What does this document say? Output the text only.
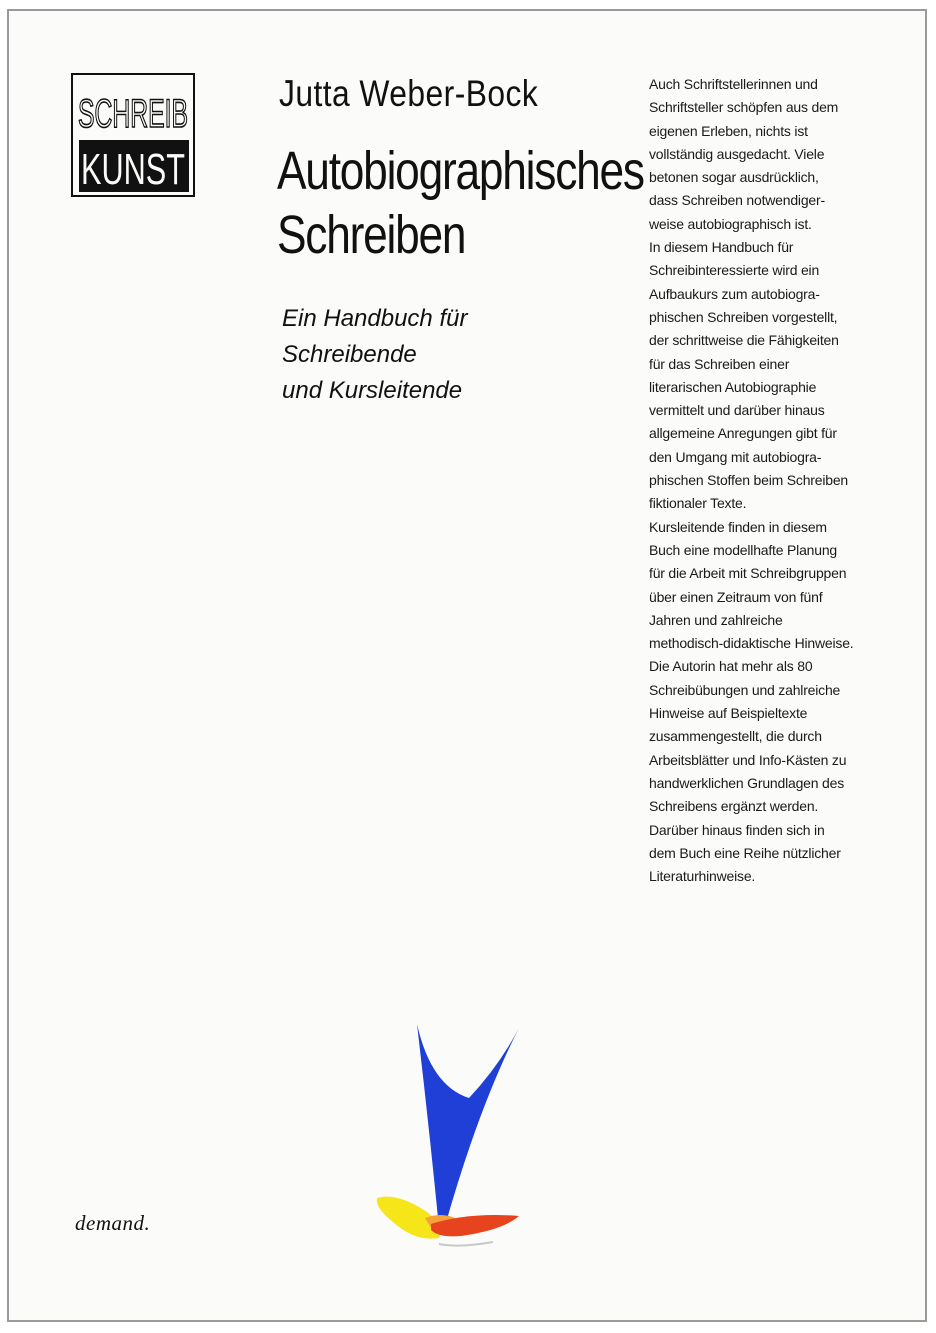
SCHREIB
KUNST

Jutta Weber-Bock

Autobiographisches
Schreiben

Ein Handbuch für
Schreibende
und Kursleitende

Auch Schriftstellerinnen und
Schriftsteller schöpfen aus dem
eigenen Erleben, nichts ist
vollständig ausgedacht. Viele
betonen sogar ausdrücklich,
dass Schreiben notwendiger-
weise autobiographisch ist.
In diesem Handbuch für
Schreibinteressierte wird ein
Aufbaukurs zum autobiogra-
phischen Schreiben vorgestellt,
der schrittweise die Fähigkeiten
für das Schreiben einer
literarischen Autobiographie
vermittelt und darüber hinaus
allgemeine Anregungen gibt für
den Umgang mit autobiogra-
phischen Stoffen beim Schreiben
fiktionaler Texte.
Kursleitende finden in diesem
Buch eine modellhafte Planung
für die Arbeit mit Schreibgruppen
über einen Zeitraum von fünf
Jahren und zahlreiche
methodisch-didaktische Hinweise.
Die Autorin hat mehr als 80
Schreibübungen und zahlreiche
Hinweise auf Beispieltexte
zusammengestellt, die durch
Arbeitsblätter und Info-Kästen zu
handwerklichen Grundlagen des
Schreibens ergänzt werden.
Darüber hinaus finden sich in
dem Buch eine Reihe nützlicher
Literaturhinweise.
demand.
